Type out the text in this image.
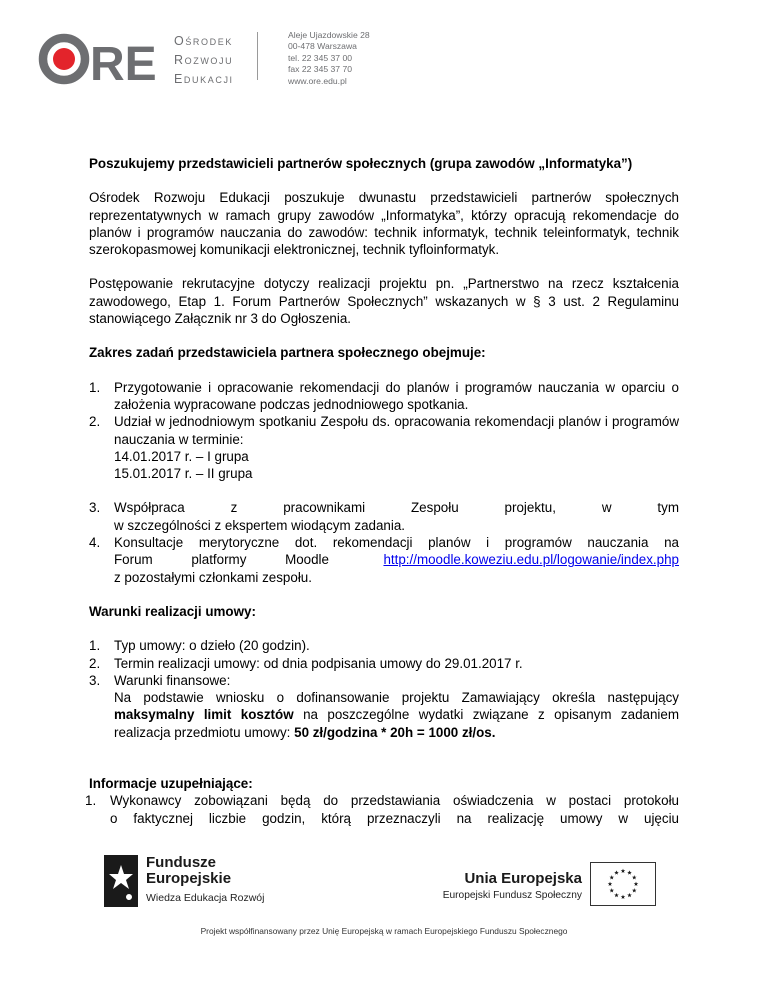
RE Ośrodek
Rozwoju
Edukacji
Aleje Ujazdowskie 28
00-478 Warszawa
tel. 22 345 37 00
fax 22 345 37 70
www.ore.edu.pl

Poszukujemy przedstawicieli partnerów społecznych (grupa zawodów „Informatyka”)

Ośrodek Rozwoju Edukacji poszukuje dwunastu przedstawicieli partnerów społecznych reprezentatywnych w ramach grupy zawodów „Informatyka”, którzy opracują rekomendacje do planów i programów nauczania do zawodów: technik informatyk, technik teleinformatyk, technik szerokopasmowej komunikacji elektronicznej, technik tyfloinformatyk.

Postępowanie rekrutacyjne dotyczy realizacji projektu pn. „Partnerstwo na rzecz kształcenia zawodowego, Etap 1. Forum Partnerów Społecznych” wskazanych w § 3 ust. 2 Regulaminu stanowiącego Załącznik nr 3 do Ogłoszenia.

Zakres zadań przedstawiciela partnera społecznego obejmuje:

1. Przygotowanie i opracowanie rekomendacji do planów i programów nauczania w oparciu o założenia wypracowane podczas jednodniowego spotkania.
2. Udział w jednodniowym spotkaniu Zespołu ds. opracowania rekomendacji planów i programów nauczania w terminie:
14.01.2017 r. – I grupa
15.01.2017 r. – II grupa
3. Współpraca z pracownikami Zespołu projektu, w tym
w szczególności z ekspertem wiodącym zadania.
4. Konsultacje merytoryczne dot. rekomendacji planów i programów nauczania na
Forum	platformy	Moodle	http://moodle.koweziu.edu.pl/logowanie/index.php
z pozostałymi członkami zespołu.

Warunki realizacji umowy:

1. Typ umowy: o dzieło (20 godzin).
2. Termin realizacji umowy: od dnia podpisania umowy do 29.01.2017 r.
3. Warunki finansowe:
Na podstawie wniosku o dofinansowanie projektu Zamawiający określa następujący maksymalny limit kosztów na poszczególne wydatki związane z opisanym zadaniem realizacja przedmiotu umowy: 50 zł/godzina * 20h = 1000 zł/os.

Informacje uzupełniające:

1. Wykonawcy zobowiązani będą do przedstawiania oświadczenia w postaci protokołu
o faktycznej liczbie godzin, którą przeznaczyli na realizację umowy w ujęciu
Fundusze
Europejskie
Wiedza Edukacja Rozwój
Unia Europejska
Europejski Fundusz Społeczny
Projekt współfinansowany przez Unię Europejską w ramach Europejskiego Funduszu Społecznego
